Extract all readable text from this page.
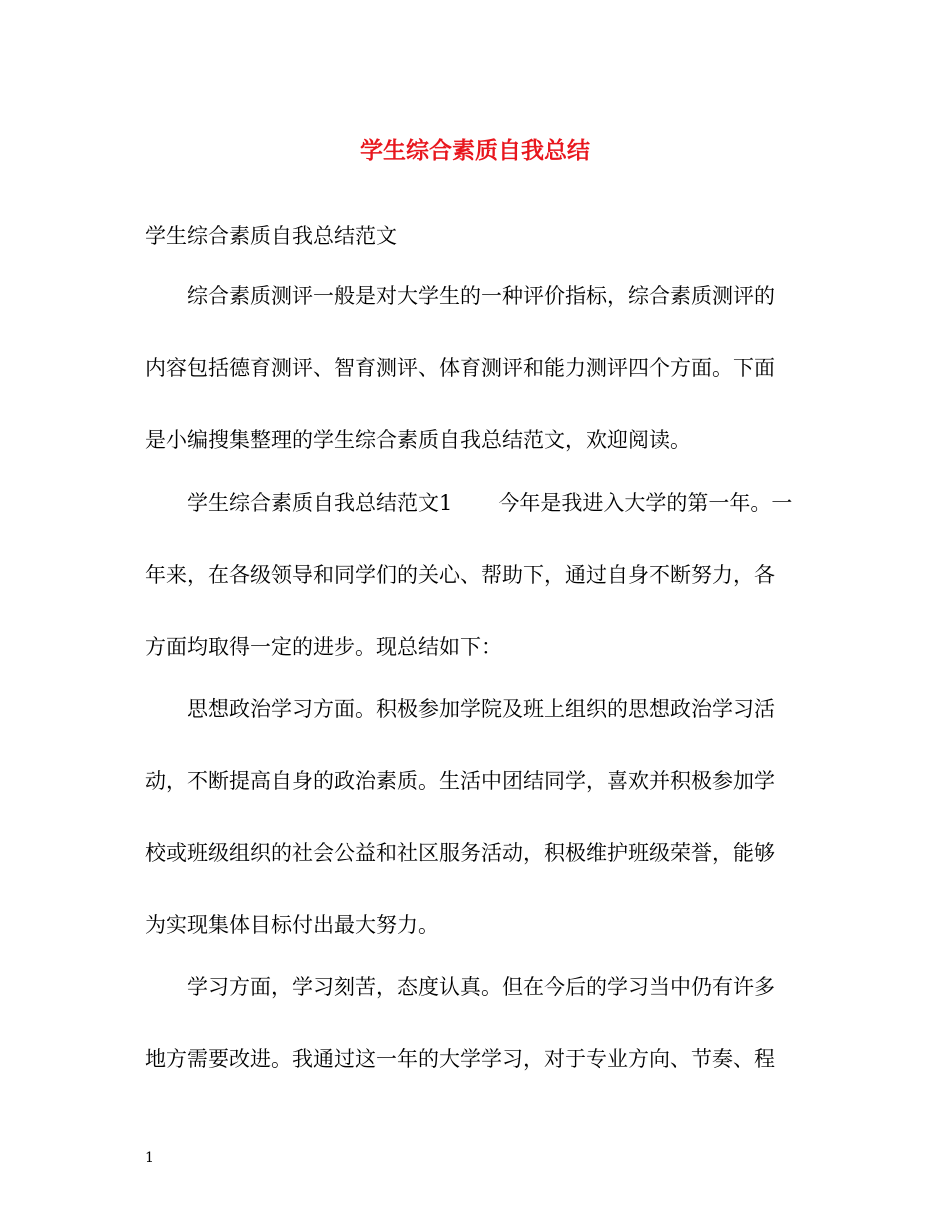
学生综合素质自我总结
学生综合素质自我总结范文
综合素质测评一般是对大学生的一种评价指标，综合素质测评的
内容包括德育测评、智育测评、体育测评和能力测评四个方面。下面
是小编搜集整理的学生综合素质自我总结范文，欢迎阅读。
学生综合素质自我总结范文1 今年是我进入大学的第一年。一
年来，在各级领导和同学们的关心、帮助下，通过自身不断努力，各
方面均取得一定的进步。现总结如下：
思想政治学习方面。积极参加学院及班上组织的思想政治学习活
动，不断提高自身的政治素质。生活中团结同学，喜欢并积极参加学
校或班级组织的社会公益和社区服务活动，积极维护班级荣誉，能够
为实现集体目标付出最大努力。
学习方面，学习刻苦，态度认真。但在今后的学习当中仍有许多
地方需要改进。我通过这一年的大学学习，对于专业方向、节奏、程
1
